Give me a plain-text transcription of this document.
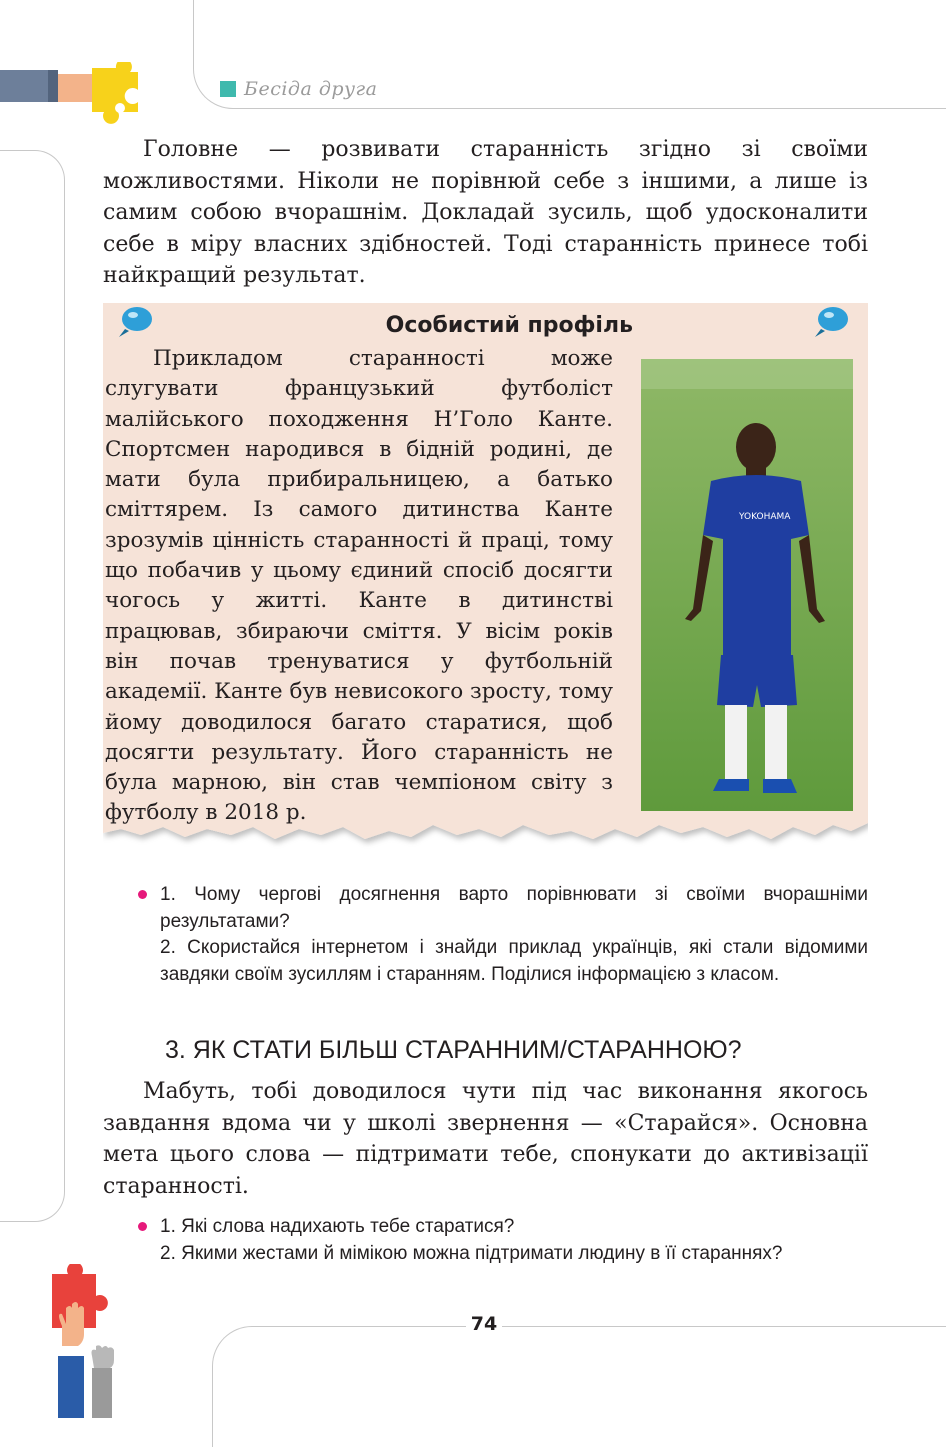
Бесіда друга

Головне — розвивати старанність згідно зі своїми можливостями. Ніколи не порівнюй себе з іншими, а лише із самим собою вчорашнім. Докладай зусиль, щоб удосконалити себе в міру власних здібностей. Тоді старанність принесе тобі найкращий результат.

Особистий профіль

Прикладом старанності може слугувати французький футболіст малійського походження Н’Голо Канте. Спортсмен народився в бідній родині, де мати була прибиральницею, а батько сміттярем. Із самого дитинства Канте зрозумів цінність старанності й праці, тому що побачив у цьому єдиний спосіб досягти чогось у житті. Канте в дитинстві працював, збираючи сміття. У вісім років він почав тренуватися у футбольній академії. Канте був невисокого зросту, тому йому доводилося багато старатися, щоб досягти результату. Його старанність не була марною, він став чемпіоном світу з футболу в 2018 р.

YOKOHAMA

1. Чому чергові досягнення варто порівнювати зі своїми вчорашніми результатами?

2. Скористайся інтернетом і знайди приклад українців, які стали відомими завдяки своїм зусиллям і старанням. Поділися інформацією з класом.

3. ЯК СТАТИ БІЛЬШ СТАРАННИМ/СТАРАННОЮ?

Мабуть, тобі доводилося чути під час виконання якогось завдання вдома чи у школі звернення — «Старайся». Основна мета цього слова — підтримати тебе, спонукати до активізації старанності.

1. Які слова надихають тебе старатися?

2. Якими жестами й мімікою можна підтримати людину в її стараннях?

74
